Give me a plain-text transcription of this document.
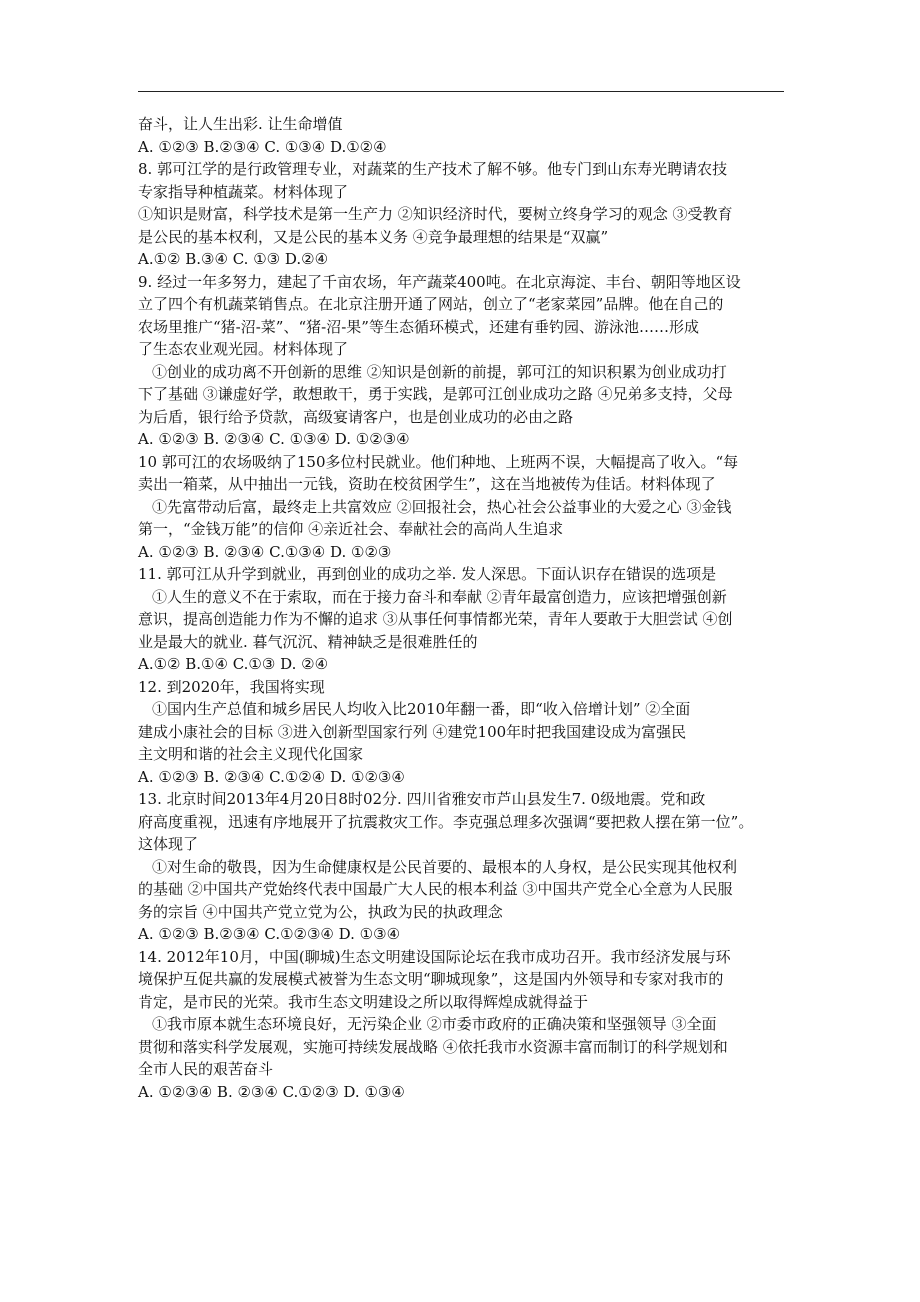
奋斗，让人生出彩. 让生命增值
A. ①②③ B.②③④ C. ①③④ D.①②④
8. 郭可江学的是行政管理专业，对蔬菜的生产技术了解不够。他专门到山东寿光聘请农技
专家指导种植蔬菜。材料体现了
①知识是财富，科学技术是第一生产力 ②知识经济时代，要树立终身学习的观念 ③受教育
是公民的基本权利，又是公民的基本义务 ④竞争最理想的结果是“双赢”
A.①② B.③④ C. ①③ D.②④
9. 经过一年多努力，建起了千亩农场，年产蔬菜400吨。在北京海淀、丰台、朝阳等地区设
立了四个有机蔬菜销售点。在北京注册开通了网站，创立了“老家菜园”品牌。他在自己的
农场里推广“猪-沼-菜”、“猪-沼-果”等生态循环模式，还建有垂钓园、游泳池……形成
了生态农业观光园。材料体现了
①创业的成功离不开创新的思维 ②知识是创新的前提，郭可江的知识积累为创业成功打
下了基础 ③谦虚好学，敢想敢干，勇于实践，是郭可江创业成功之路 ④兄弟多支持，父母
为后盾，银行给予贷款，高级宴请客户，也是创业成功的必由之路
A. ①②③ B. ②③④ C. ①③④ D. ①②③④
10 郭可江的农场吸纳了150多位村民就业。他们种地、上班两不误，大幅提高了收入。“每
卖出一箱菜，从中抽出一元钱，资助在校贫困学生”，这在当地被传为佳话。材料体现了
①先富带动后富，最终走上共富效应 ②回报社会，热心社会公益事业的大爱之心 ③金钱
第一，“金钱万能”的信仰 ④亲近社会、奉献社会的高尚人生追求
A. ①②③ B. ②③④ C.①③④ D. ①②③
11. 郭可江从升学到就业，再到创业的成功之举. 发人深思。下面认识存在错误的选项是
①人生的意义不在于索取，而在于接力奋斗和奉献 ②青年最富创造力，应该把增强创新
意识，提高创造能力作为不懈的追求 ③从事任何事情都光荣，青年人要敢于大胆尝试 ④创
业是最大的就业. 暮气沉沉、精神缺乏是很难胜任的
A.①② B.①④ C.①③ D. ②④
12. 到2020年，我国将实现
①国内生产总值和城乡居民人均收入比2010年翻一番，即“收入倍增计划” ②全面
建成小康社会的目标 ③进入创新型国家行列 ④建党100年时把我国建设成为富强民
主文明和谐的社会主义现代化国家
A. ①②③ B. ②③④ C.①②④ D. ①②③④
13. 北京时间2013年4月20日8时02分. 四川省雅安市芦山县发生7. 0级地震。党和政
府高度重视，迅速有序地展开了抗震救灾工作。李克强总理多次强调“要把救人摆在第一位”。
这体现了
①对生命的敬畏，因为生命健康权是公民首要的、最根本的人身权，是公民实现其他权利
的基础 ②中国共产党始终代表中国最广大人民的根本利益 ③中国共产党全心全意为人民服
务的宗旨 ④中国共产党立党为公，执政为民的执政理念
A. ①②③ B.②③④ C.①②③④ D. ①③④
14. 2012年10月，中国(聊城)生态文明建设国际论坛在我市成功召开。我市经济发展与环
境保护互促共赢的发展模式被誉为生态文明“聊城现象”，这是国内外领导和专家对我市的
肯定，是市民的光荣。我市生态文明建设之所以取得辉煌成就得益于
①我市原本就生态环境良好，无污染企业 ②市委市政府的正确决策和坚强领导 ③全面
贯彻和落实科学发展观，实施可持续发展战略 ④依托我市水资源丰富而制订的科学规划和
全市人民的艰苦奋斗
A. ①②③④ B. ②③④ C.①②③ D. ①③④
